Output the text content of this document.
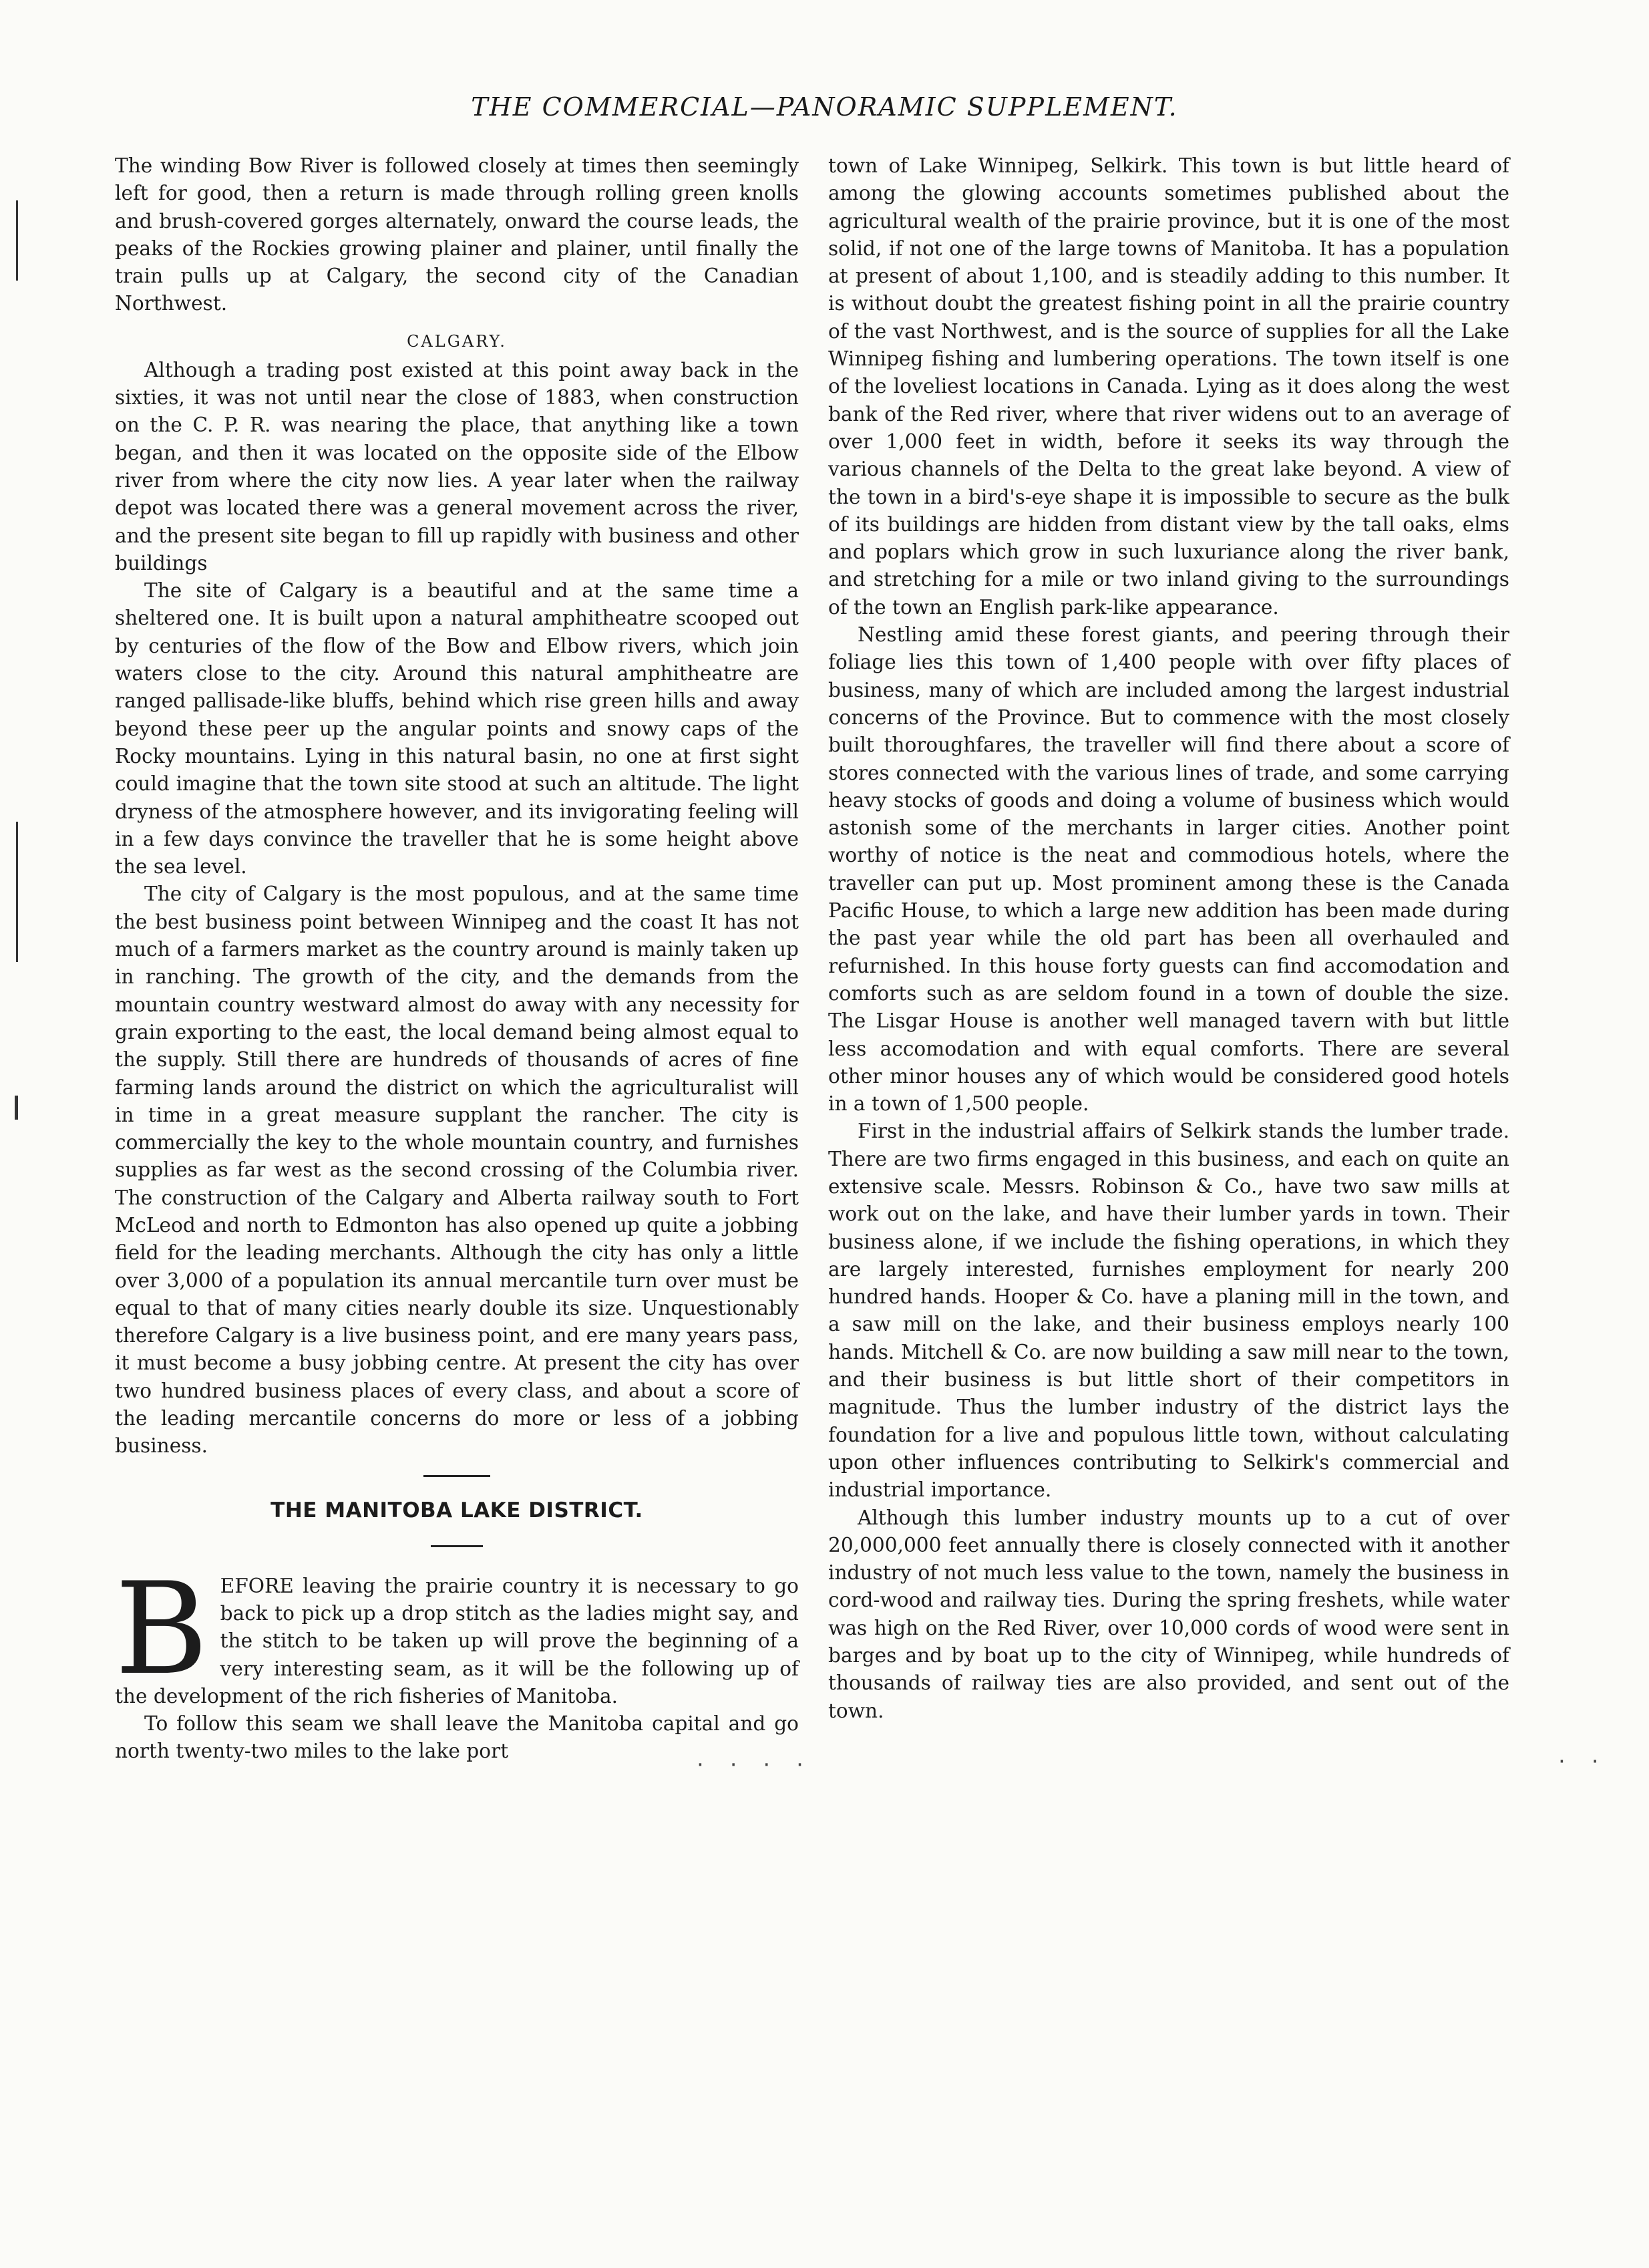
THE COMMERCIAL—PANORAMIC SUPPLEMENT.

The winding Bow River is followed closely at times then seemingly left for good, then a return is made through rolling green knolls and brush-covered gorges alternately, onward the course leads, the peaks of the Rockies growing plainer and plainer, until finally the train pulls up at Calgary, the second city of the Canadian Northwest.

CALGARY.

Although a trading post existed at this point away back in the sixties, it was not until near the close of 1883, when construction on the C. P. R. was nearing the place, that anything like a town began, and then it was located on the opposite side of the Elbow river from where the city now lies. A year later when the railway depot was located there was a general movement across the river, and the present site began to fill up rapidly with business and other buildings

The site of Calgary is a beautiful and at the same time a sheltered one. It is built upon a natural amphitheatre scooped out by centuries of the flow of the Bow and Elbow rivers, which join waters close to the city. Around this natural amphitheatre are ranged pallisade-like bluffs, behind which rise green hills and away beyond these peer up the angular points and snowy caps of the Rocky mountains. Lying in this natural basin, no one at first sight could imagine that the town site stood at such an altitude. The light dryness of the atmosphere however, and its invigorating feeling will in a few days convince the traveller that he is some height above the sea level.

The city of Calgary is the most populous, and at the same time the best business point between Winnipeg and the coast It has not much of a farmers market as the country around is mainly taken up in ranching. The growth of the city, and the demands from the mountain country westward almost do away with any necessity for grain exporting to the east, the local demand being almost equal to the supply. Still there are hundreds of thousands of acres of fine farming lands around the district on which the agriculturalist will in time in a great measure supplant the rancher. The city is commercially the key to the whole mountain country, and furnishes supplies as far west as the second crossing of the Columbia river. The construction of the Calgary and Alberta railway south to Fort McLeod and north to Edmonton has also opened up quite a jobbing field for the leading merchants. Although the city has only a little over 3,000 of a population its annual mercantile turn over must be equal to that of many cities nearly double its size. Unquestionably therefore Calgary is a live business point, and ere many years pass, it must become a busy jobbing centre. At present the city has over two hundred business places of every class, and about a score of the leading mercantile concerns do more or less of a jobbing business.

THE MANITOBA LAKE DISTRICT.

BEFORE leaving the prairie country it is necessary to go back to pick up a drop stitch as the ladies might say, and the stitch to be taken up will prove the beginning of a very interesting seam, as it will be the following up of the development of the rich fisheries of Manitoba.

To follow this seam we shall leave the Manitoba capital and go north twenty-two miles to the lake port

town of Lake Winnipeg, Selkirk. This town is but little heard of among the glowing accounts sometimes published about the agricultural wealth of the prairie province, but it is one of the most solid, if not one of the large towns of Manitoba. It has a population at present of about 1,100, and is steadily adding to this number. It is without doubt the greatest fishing point in all the prairie country of the vast Northwest, and is the source of supplies for all the Lake Winnipeg fishing and lumbering operations. The town itself is one of the loveliest locations in Canada. Lying as it does along the west bank of the Red river, where that river widens out to an average of over 1,000 feet in width, before it seeks its way through the various channels of the Delta to the great lake beyond. A view of the town in a bird's-eye shape it is impossible to secure as the bulk of its buildings are hidden from distant view by the tall oaks, elms and poplars which grow in such luxuriance along the river bank, and stretching for a mile or two inland giving to the surroundings of the town an English park-like appearance.

Nestling amid these forest giants, and peering through their foliage lies this town of 1,400 people with over fifty places of business, many of which are included among the largest industrial concerns of the Province. But to commence with the most closely built thoroughfares, the traveller will find there about a score of stores connected with the various lines of trade, and some carrying heavy stocks of goods and doing a volume of business which would astonish some of the merchants in larger cities. Another point worthy of notice is the neat and commodious hotels, where the traveller can put up. Most prominent among these is the Canada Pacific House, to which a large new addition has been made during the past year while the old part has been all overhauled and refurnished. In this house forty guests can find accomodation and comforts such as are seldom found in a town of double the size. The Lisgar House is another well managed tavern with but little less accomodation and with equal comforts. There are several other minor houses any of which would be considered good hotels in a town of 1,500 people.

First in the industrial affairs of Selkirk stands the lumber trade. There are two firms engaged in this business, and each on quite an extensive scale. Messrs. Robinson & Co., have two saw mills at work out on the lake, and have their lumber yards in town. Their business alone, if we include the fishing operations, in which they are largely interested, furnishes employment for nearly 200 hundred hands. Hooper & Co. have a planing mill in the town, and a saw mill on the lake, and their business employs nearly 100 hands. Mitchell & Co. are now building a saw mill near to the town, and their business is but little short of their competitors in magnitude. Thus the lumber industry of the district lays the foundation for a live and populous little town, without calculating upon other influences contributing to Selkirk's commercial and industrial importance.

Although this lumber industry mounts up to a cut of over 20,000,000 feet annually there is closely connected with it another industry of not much less value to the town, namely the business in cord-wood and railway ties. During the spring freshets, while water was high on the Red River, over 10,000 cords of wood were sent in barges and by boat up to the city of Winnipeg, while hundreds of thousands of railway ties are also provided, and sent out of the town.

· · · ·	· ·
